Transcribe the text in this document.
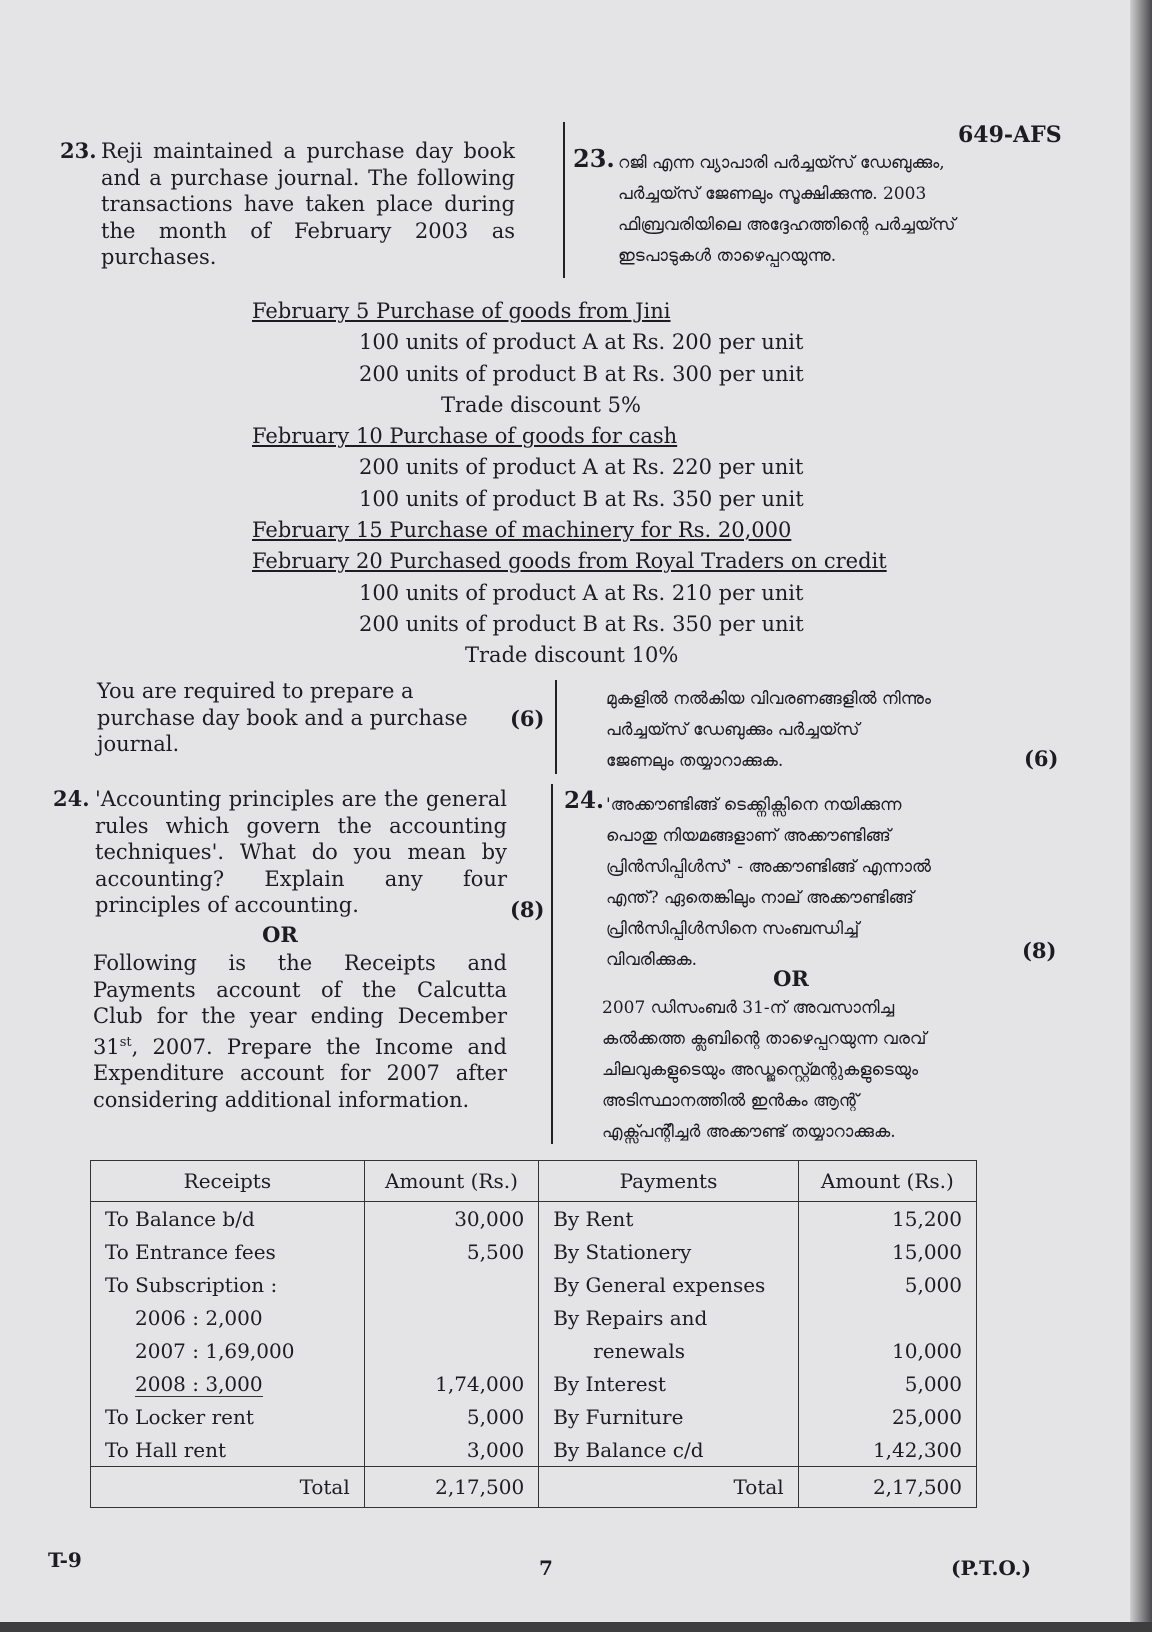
649-AFS
23. Reji maintained a purchase day book and a purchase journal. The following transactions have taken place during the month of February 2003 as purchases.
23. റജി എന്ന വ്യാപാരി പർച്ചയ്സ് ഡേബുക്കും,
പർച്ചയ്സ് ജേണലും സൂക്ഷിക്കുന്നു. 2003
ഫിബ്രവരിയിലെ അദ്ദേഹത്തിന്റെ പർച്ചയ്സ്
ഇടപാടുകൾ താഴെപ്പറയുന്നു.
February 5 Purchase of goods from Jini
100 units of product A at Rs. 200 per unit
200 units of product B at Rs. 300 per unit
Trade discount 5%
February 10 Purchase of goods for cash
200 units of product A at Rs. 220 per unit
100 units of product B at Rs. 350 per unit
February 15 Purchase of machinery for Rs. 20,000
February 20 Purchased goods from Royal Traders on credit
100 units of product A at Rs. 210 per unit
200 units of product B at Rs. 350 per unit
Trade discount 10%
You are required to prepare a purchase day book and a purchase journal.
(6)
മുകളിൽ നൽകിയ വിവരണങ്ങളിൽ നിന്നും
പർച്ചയ്സ് ഡേബുക്കും പർച്ചയ്സ്
ജേണലും തയ്യാറാക്കുക.	(6)
24. 'Accounting principles are the general rules which govern the accounting techniques'. What do you mean by accounting? Explain any four principles of accounting.	(8)
OR
Following is the Receipts and Payments account of the Calcutta Club for the year ending December 31st, 2007. Prepare the Income and Expenditure account for 2007 after considering additional information.
24. 'അക്കൗണ്ടിങ്ങ് ടെക്ക്നിക്സിനെ നയിക്കുന്ന
പൊതു നിയമങ്ങളാണ് അക്കൗണ്ടിങ്ങ്
പ്രിൻസിപ്പിൾസ്' - അക്കൗണ്ടിങ്ങ് എന്നാൽ
എന്ത്? ഏതെങ്കിലും നാല് അക്കൗണ്ടിങ്ങ്
പ്രിൻസിപ്പിൾസിനെ സംബന്ധിച്ച്
വിവരിക്കുക.	(8)
OR
2007 ഡിസംബർ 31-ന് അവസാനിച്ച
കൽക്കത്ത ക്ലബിന്റെ താഴെപ്പറയുന്ന വരവ്
ചിലവുകളുടെയും അഡ്ജസ്റ്റ്മെന്റുകളുടെയും
അടിസ്ഥാനത്തിൽ ഇൻകം ആന്റ്
എക്സ്പന്റീച്ചർ അക്കൗണ്ട് തയ്യാറാക്കുക.
Receipts	Amount (Rs.)	Payments	Amount (Rs.)
To Balance b/d	30,000	By Rent	15,200
To Entrance fees	5,500	By Stationery	15,000
To Subscription :		By General expenses	5,000
2006 : 2,000		By Repairs and	
2007 : 1,69,000		renewals	10,000
2008 : 3,000	1,74,000	By Interest	5,000
To Locker rent	5,000	By Furniture	25,000
To Hall rent	3,000	By Balance c/d	1,42,300
Total	2,17,500	Total	2,17,500
T-9	7	(P.T.O.)
